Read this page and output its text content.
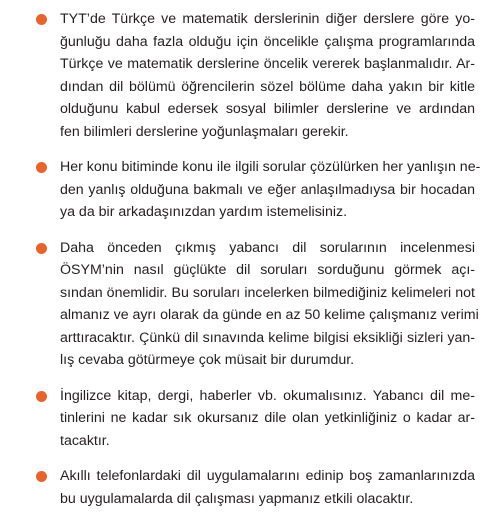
TYT’de Türkçe ve matematik derslerinin diğer derslere göre yo-
ğunluğu daha fazla olduğu için öncelikle çalışma programlarında
Türkçe ve matematik derslerine öncelik vererek başlanmalıdır. Ar-
dından dil bölümü öğrencilerin sözel bölüme daha yakın bir kitle
olduğunu kabul edersek sosyal bilimler derslerine ve ardından
fen bilimleri derslerine yoğunlaşmaları gerekir.
Her konu bitiminde konu ile ilgili sorular çözülürken her yanlışın ne-
den yanlış olduğuna bakmalı ve eğer anlaşılmadıysa bir hocadan
ya da bir arkadaşınızdan yardım istemelisiniz.
Daha önceden çıkmış yabancı dil sorularının incelenmesi
ÖSYM’nin nasıl güçlükte dil soruları sorduğunu görmek açı-
sından önemlidir. Bu soruları incelerken bilmediğiniz kelimeleri not
almanız ve ayrı olarak da günde en az 50 kelime çalışmanız verimi
arttıracaktır. Çünkü dil sınavında kelime bilgisi eksikliği sizleri yan-
lış cevaba götürmeye çok müsait bir durumdur.
İngilizce kitap, dergi, haberler vb. okumalısınız. Yabancı dil me-
tinlerini ne kadar sık okursanız dile olan yetkinliğiniz o kadar ar-
tacaktır.
Akıllı telefonlardaki dil uygulamalarını edinip boş zamanlarınızda
bu uygulamalarda dil çalışması yapmanız etkili olacaktır.
